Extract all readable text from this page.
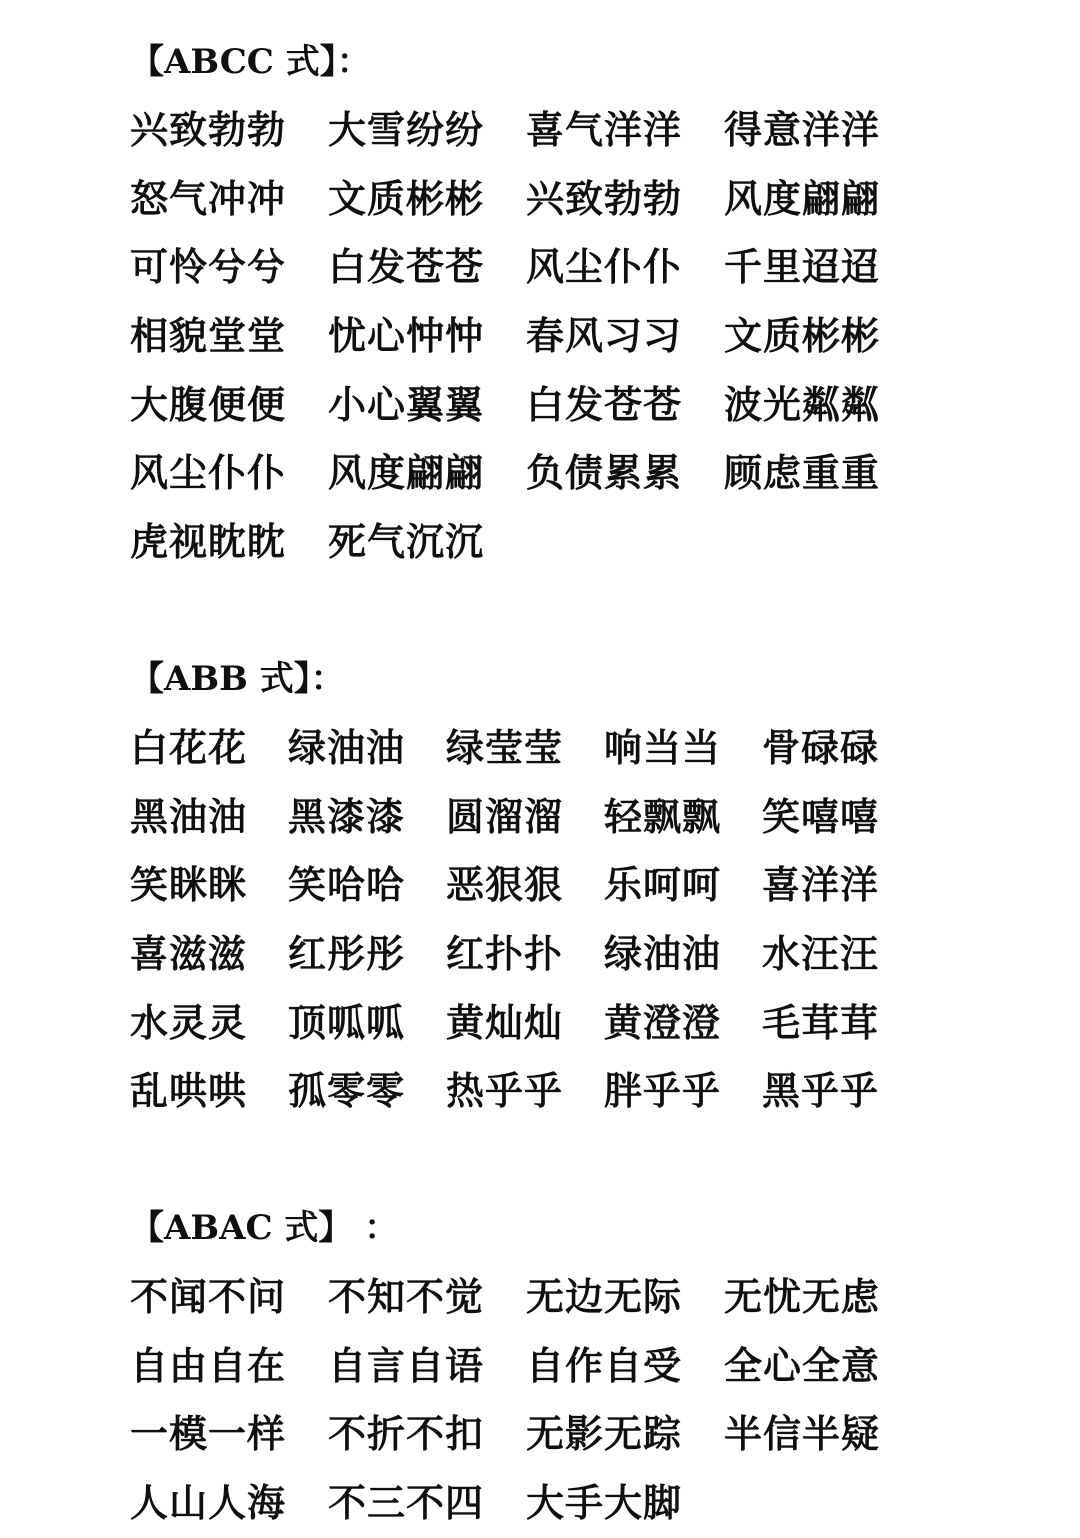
【ABCC 式】：
兴致勃勃	大雪纷纷	喜气洋洋	得意洋洋
怒气冲冲	文质彬彬	兴致勃勃	风度翩翩
可怜兮兮	白发苍苍	风尘仆仆	千里迢迢
相貌堂堂	忧心忡忡	春风习习	文质彬彬
大腹便便	小心翼翼	白发苍苍	波光粼粼
风尘仆仆	风度翩翩	负债累累	顾虑重重
虎视眈眈	死气沉沉
【ABB 式】：
白花花	绿油油	绿莹莹	响当当	骨碌碌
黑油油	黑漆漆	圆溜溜	轻飘飘	笑嘻嘻
笑眯眯	笑哈哈	恶狠狠	乐呵呵	喜洋洋
喜滋滋	红彤彤	红扑扑	绿油油	水汪汪
水灵灵	顶呱呱	黄灿灿	黄澄澄	毛茸茸
乱哄哄	孤零零	热乎乎	胖乎乎	黑乎乎
【ABAC 式】 ：
不闻不问	不知不觉	无边无际	无忧无虑
自由自在	自言自语	自作自受	全心全意
一模一样	不折不扣	无影无踪	半信半疑
人山人海	不三不四	大手大脚
